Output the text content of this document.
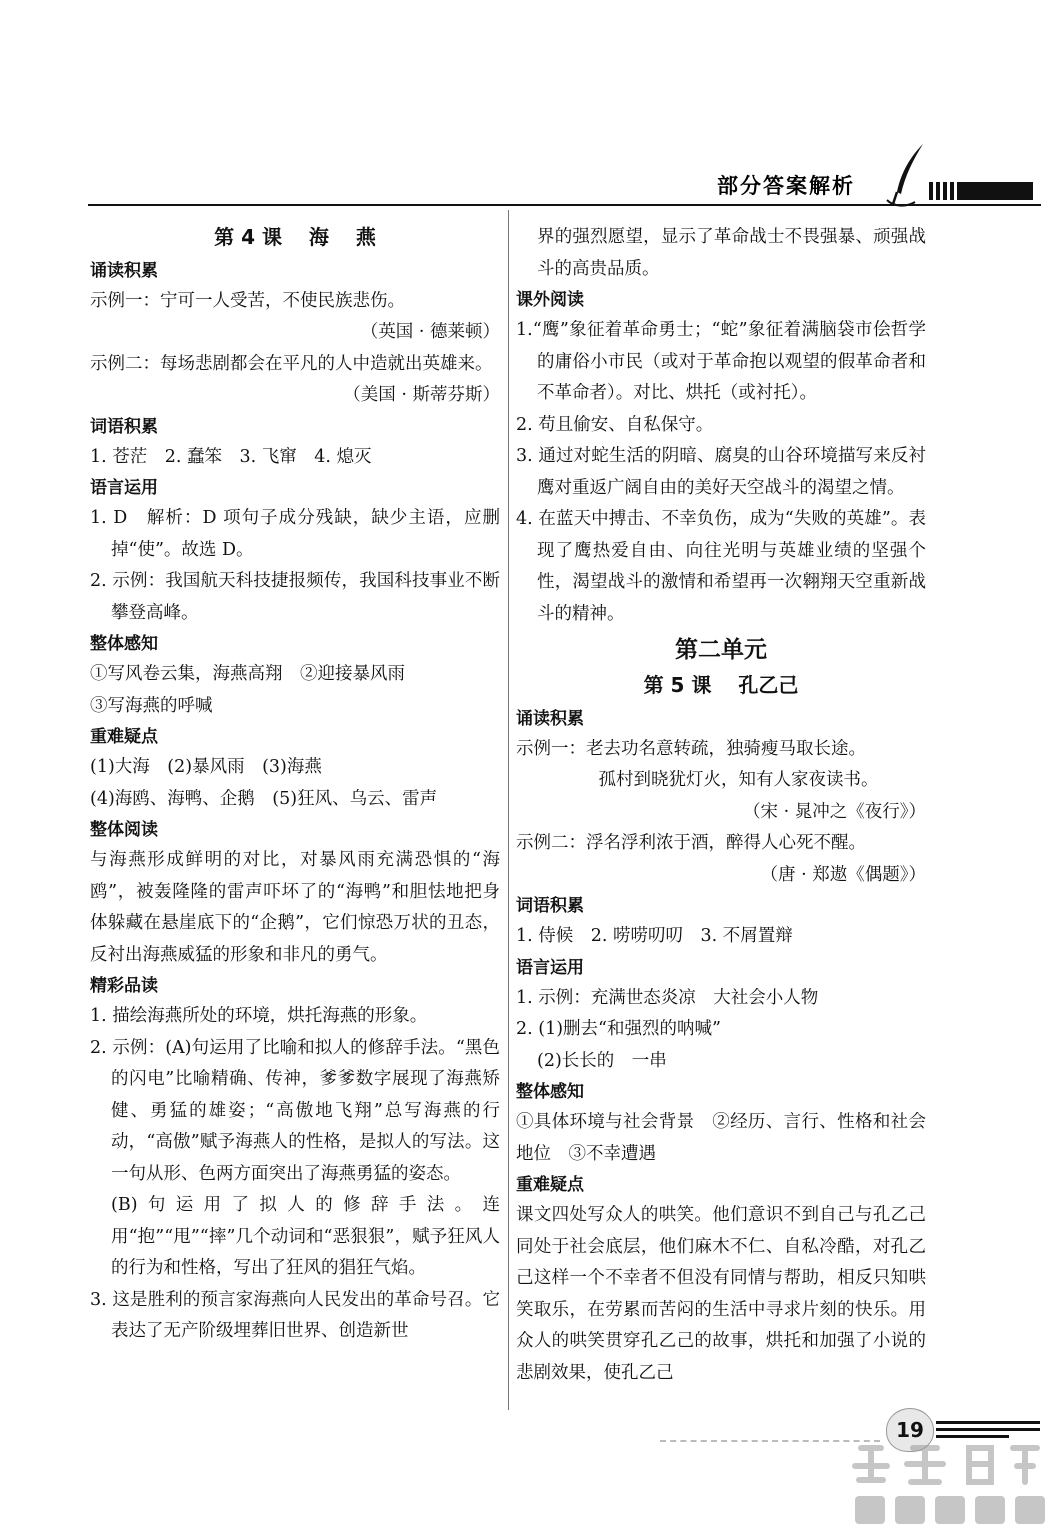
部分答案解析
第 4 课　 海　 燕
诵读积累

示例一：宁可一人受苦，不使民族悲伤。

（英国 · 德莱顿）

示例二：每场悲剧都会在平凡的人中造就出英雄来。

（美国 · 斯蒂芬斯）

词语积累

1. 苍茫　2. 蠢笨　3. 飞窜　4. 熄灭

语言运用

1. D　解析：D 项句子成分残缺，缺少主语，应删掉“使”。故选 D。

2. 示例：我国航天科技捷报频传，我国科技事业不断攀登高峰。

整体感知

①写风卷云集，海燕高翔　②迎接暴风雨

③写海燕的呼喊

重难疑点

(1)大海　(2)暴风雨　(3)海燕

(4)海鸥、海鸭、企鹅　(5)狂风、乌云、雷声

整体阅读

与海燕形成鲜明的对比，对暴风雨充满恐惧的“海鸥”，被轰隆隆的雷声吓坏了的“海鸭”和胆怯地把身体躲藏在悬崖底下的“企鹅”，它们惊恐万状的丑态，反衬出海燕威猛的形象和非凡的勇气。

精彩品读

1. 描绘海燕所处的环境，烘托海燕的形象。

2. 示例：(A)句运用了比喻和拟人的修辞手法。“黑色的闪电”比喻精确、传神，爹爹数字展现了海燕矫健、勇猛的雄姿；“高傲地飞翔”总写海燕的行动，“高傲”赋予海燕人的性格，是拟人的写法。这一句从形、色两方面突出了海燕勇猛的姿态。

(B)句运用了拟人的修辞手法。连用“抱”“甩”“摔”几个动词和“恶狠狠”，赋予狂风人的行为和性格，写出了狂风的猖狂气焰。

3. 这是胜利的预言家海燕向人民发出的革命号召。它表达了无产阶级埋葬旧世界、创造新世

界的强烈愿望，显示了革命战士不畏强暴、顽强战斗的高贵品质。

课外阅读

1.“鹰”象征着革命勇士；“蛇”象征着满脑袋市侩哲学的庸俗小市民（或对于革命抱以观望的假革命者和不革命者）。对比、烘托（或衬托）。

2. 苟且偷安、自私保守。

3. 通过对蛇生活的阴暗、腐臭的山谷环境描写来反衬鹰对重返广阔自由的美好天空战斗的渴望之情。

4. 在蓝天中搏击、不幸负伤，成为“失败的英雄”。表现了鹰热爱自由、向往光明与英雄业绩的坚强个性，渴望战斗的激情和希望再一次翱翔天空重新战斗的精神。

第二单元
第 5 课　 孔乙己
诵读积累

示例一：老去功名意转疏，独骑瘦马取长途。

孤村到晓犹灯火，知有人家夜读书。

（宋 · 晁冲之《夜行》）

示例二：浮名浮利浓于酒，醉得人心死不醒。

（唐 · 郑遨《偶题》）

词语积累

1. 侍候　2. 唠唠叨叨　3. 不屑置辩

语言运用

1. 示例：充满世态炎凉　大社会小人物

2. (1)删去“和强烈的呐喊”

(2)长长的　一串

整体感知

①具体环境与社会背景　②经历、言行、性格和社会地位　③不幸遭遇

重难疑点

课文四处写众人的哄笑。他们意识不到自己与孔乙己同处于社会底层，他们麻木不仁、自私冷酷，对孔乙己这样一个不幸者不但没有同情与帮助，相反只知哄笑取乐，在劳累而苦闷的生活中寻求片刻的快乐。用众人的哄笑贯穿孔乙己的故事，烘托和加强了小说的悲剧效果，使孔乙己

19
